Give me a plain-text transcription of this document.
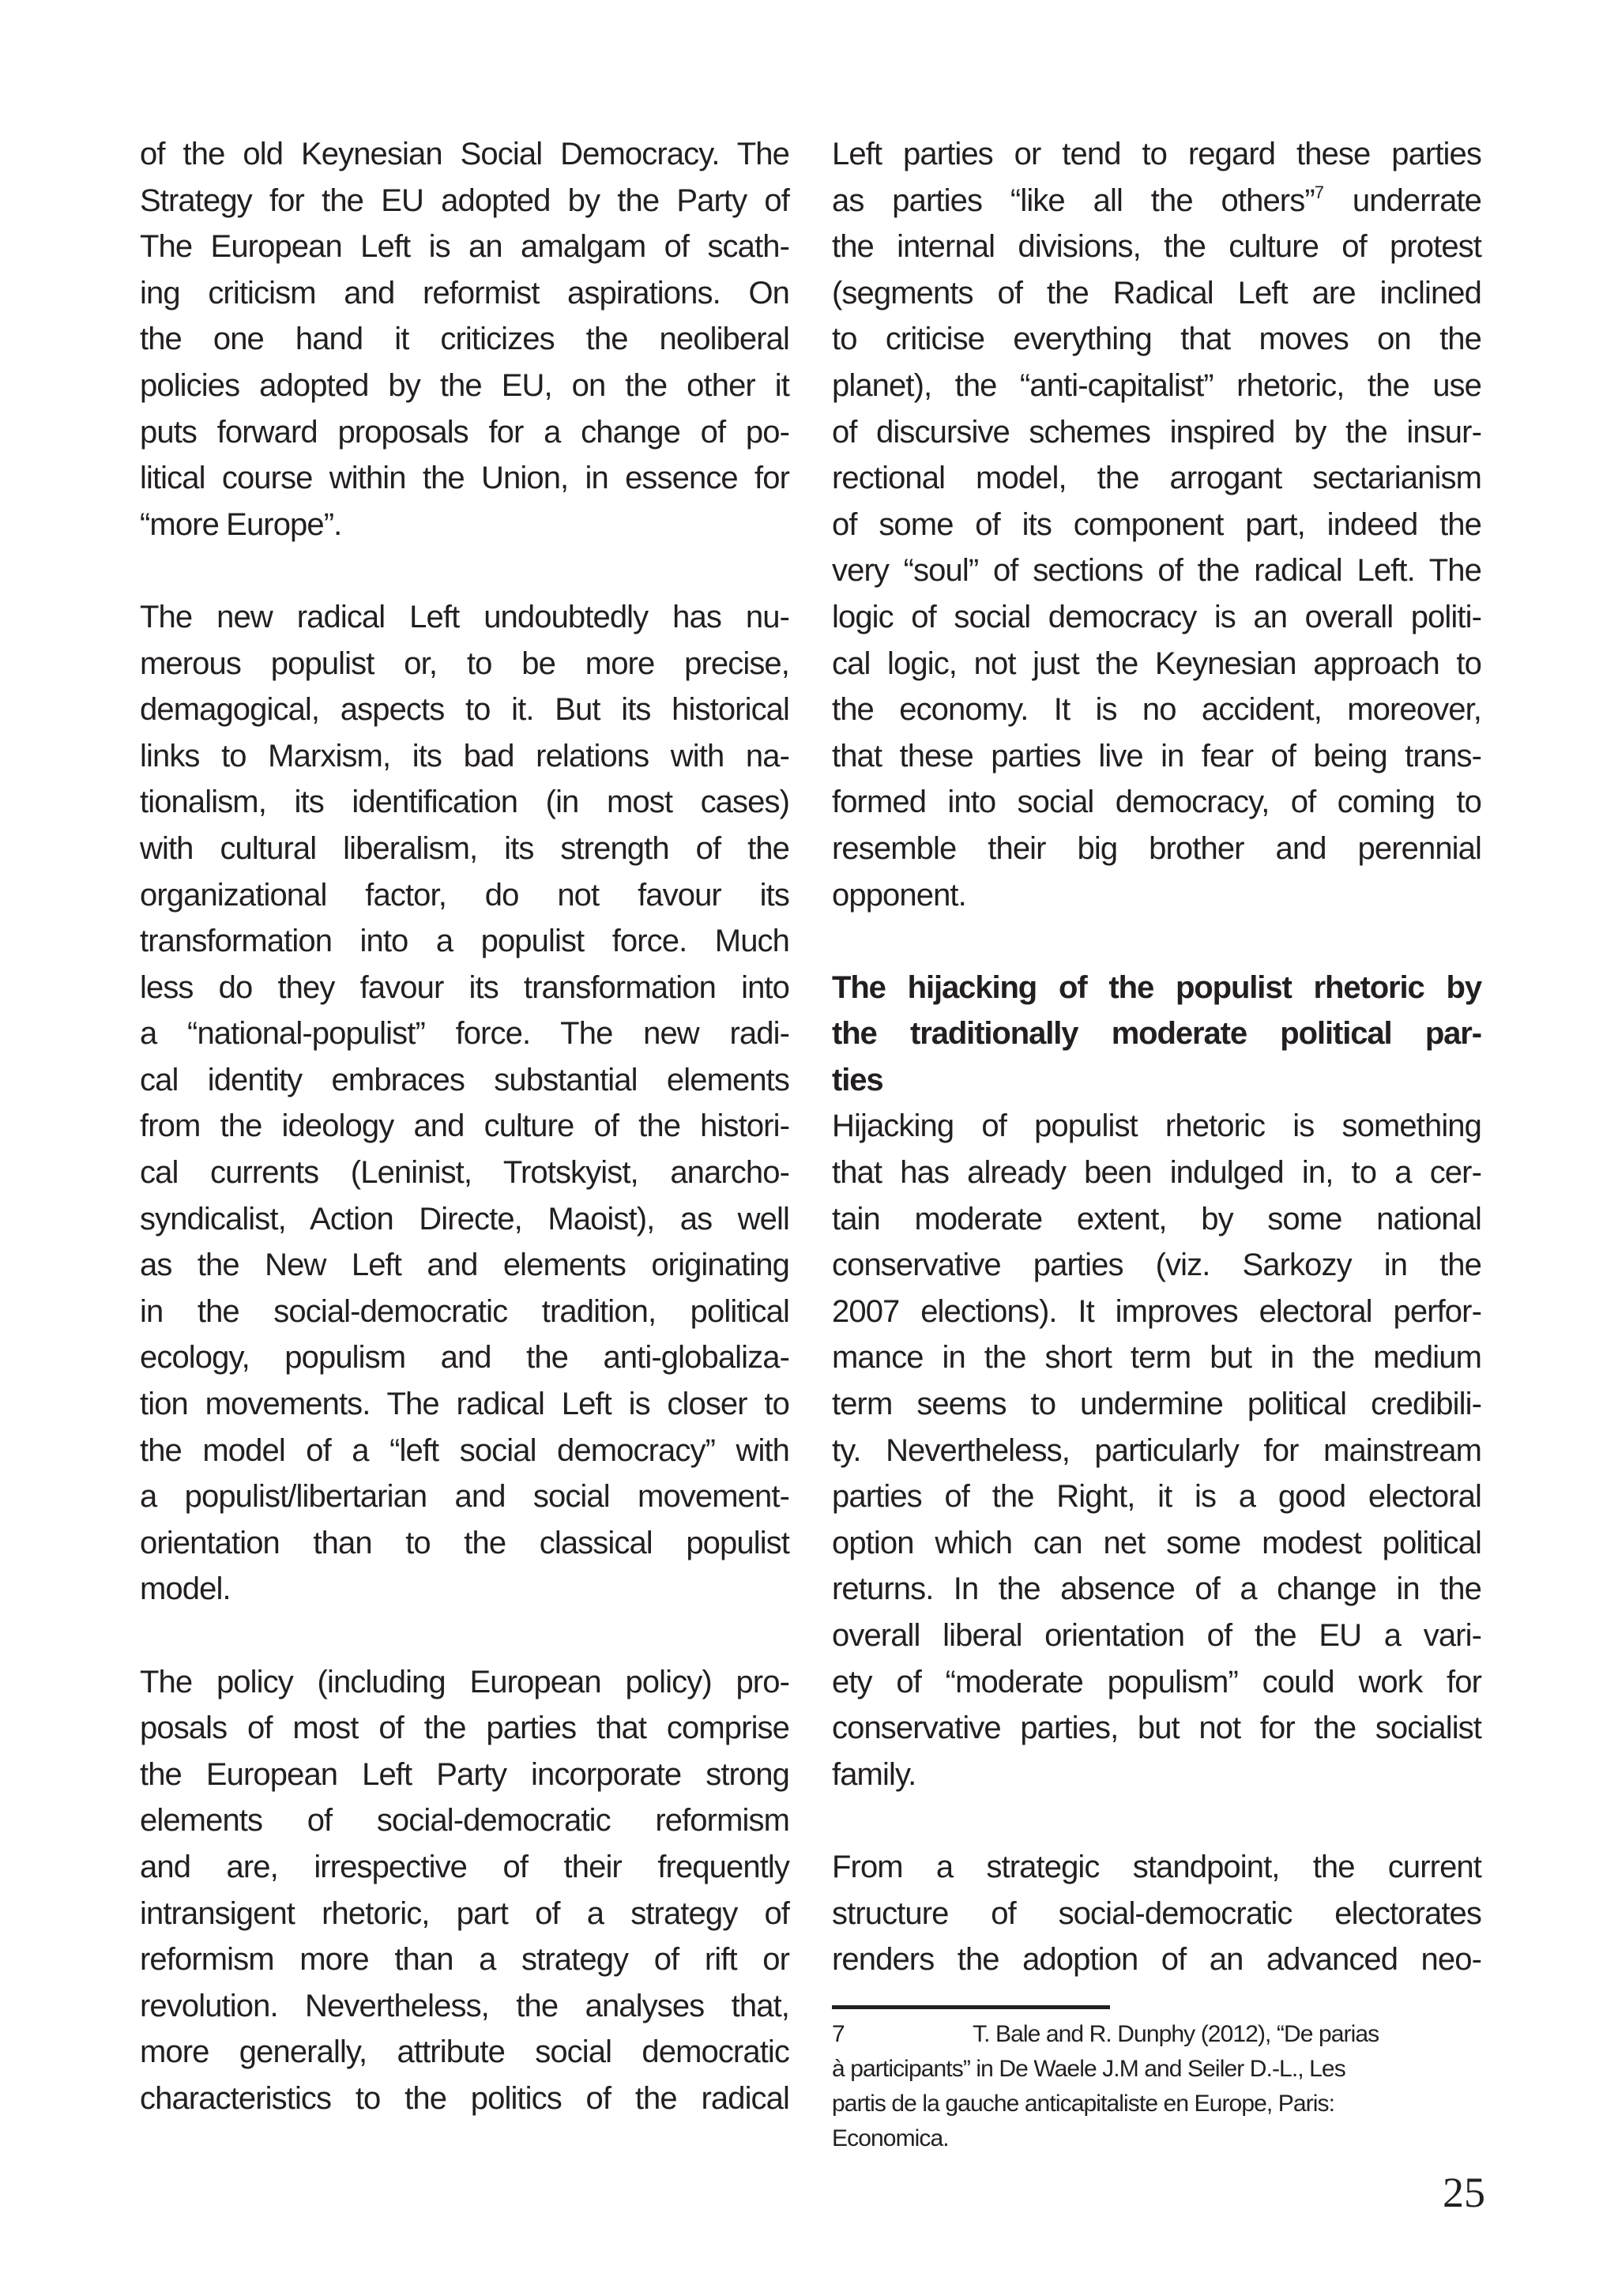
of the old Keynesian Social Democracy. The
Strategy for the EU adopted by the Party of
The European Left is an amalgam of scath-
ing criticism and reformist aspirations. On
the one hand it criticizes the neoliberal
policies adopted by the EU, on the other it
puts forward proposals for a change of po-
litical course within the Union, in essence for
“more Europe”.
The new radical Left undoubtedly has nu-
merous populist or, to be more precise,
demagogical, aspects to it. But its historical
links to Marxism, its bad relations with na-
tionalism, its identification (in most cases)
with cultural liberalism, its strength of the
organizational factor, do not favour its
transformation into a populist force. Much
less do they favour its transformation into
a “national-populist” force. The new radi-
cal identity embraces substantial elements
from the ideology and culture of the histori-
cal currents (Leninist, Trotskyist, anarcho-
syndicalist, Action Directe, Maoist), as well
as the New Left and elements originating
in the social-democratic tradition, political
ecology, populism and the anti-globaliza-
tion movements. The radical Left is closer to
the model of a “left social democracy” with
a populist/libertarian and social movement-
orientation than to the classical populist
model.
The policy (including European policy) pro-
posals of most of the parties that comprise
the European Left Party incorporate strong
elements of social-democratic reformism
and are, irrespective of their frequently
intransigent rhetoric, part of a strategy of
reformism more than a strategy of rift or
revolution. Nevertheless, the analyses that,
more generally, attribute social democratic
characteristics to the politics of the radical
Left parties or tend to regard these parties
as parties “like all the others”$^7$ underrate
the internal divisions, the culture of protest
(segments of the Radical Left are inclined
to criticise everything that moves on the
planet), the “anti-capitalist” rhetoric, the use
of discursive schemes inspired by the insur-
rectional model, the arrogant sectarianism
of some of its component part, indeed the
very “soul” of sections of the radical Left. The
logic of social democracy is an overall politi-
cal logic, not just the Keynesian approach to
the economy. It is no accident, moreover,
that these parties live in fear of being trans-
formed into social democracy, of coming to
resemble their big brother and perennial
opponent.
The hijacking of the populist rhetoric by
the traditionally moderate political par-
ties
Hijacking of populist rhetoric is something
that has already been indulged in, to a cer-
tain moderate extent, by some national
conservative parties (viz. Sarkozy in the
2007 elections). It improves electoral perfor-
mance in the short term but in the medium
term seems to undermine political credibili-
ty. Nevertheless, particularly for mainstream
parties of the Right, it is a good electoral
option which can net some modest political
returns. In the absence of a change in the
overall liberal orientation of the EU a vari-
ety of “moderate populism” could work for
conservative parties, but not for the socialist
family.
From a strategic standpoint, the current
structure of social-democratic electorates
renders the adoption of an advanced neo-
7	T. Bale and R. Dunphy (2012), “De parias
à participants” in De Waele J.M and Seiler D.-L., Les
partis de la gauche anticapitaliste en Europe, Paris:
Economica.
25
